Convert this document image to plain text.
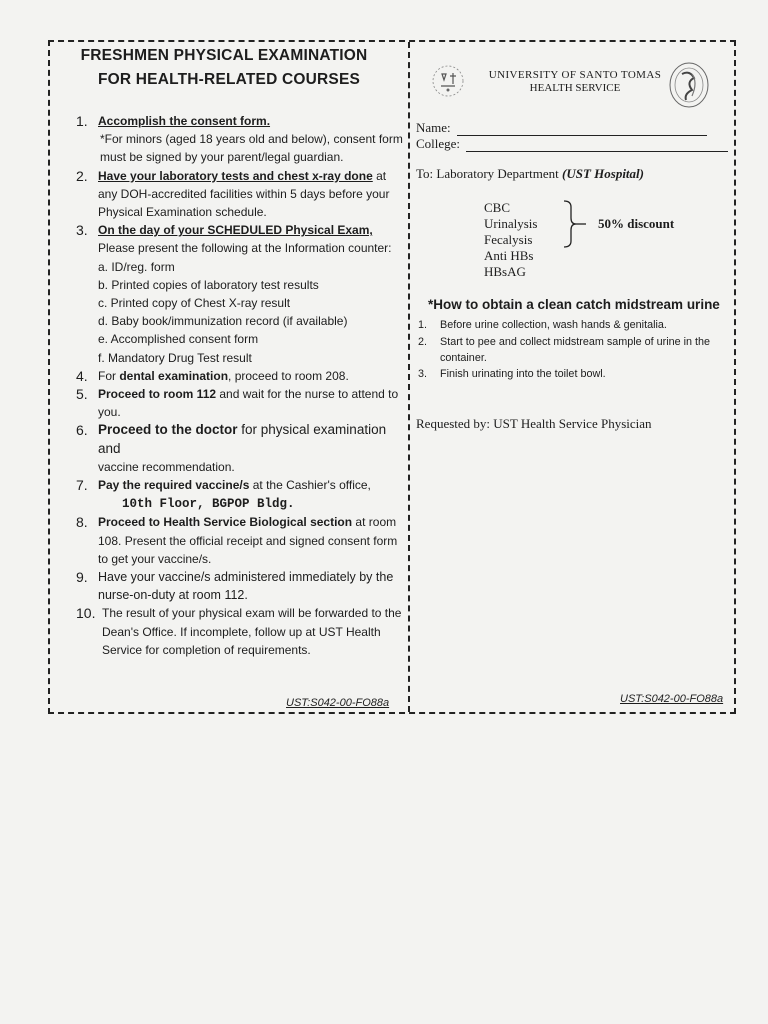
FRESHMEN PHYSICAL EXAMINATION
FOR HEALTH-RELATED COURSES
1. Accomplish the consent form.

*For minors (aged 18 years old and below), consent form must be signed by your parent/legal guardian.
2. Have your laboratory tests and chest x-ray done at any DOH-accredited facilities within 5 days before your Physical Examination schedule.
3. On the day of your SCHEDULED Physical Exam,
Please present the following at the Information counter:
a. ID/reg. form
b. Printed copies of laboratory test results
c. Printed copy of Chest X-ray result
d. Baby book/immunization record (if available)
e. Accomplished consent form
f. Mandatory Drug Test result
4. For dental examination, proceed to room 208.
5. Proceed to room 112 and wait for the nurse to attend to you.
6. Proceed to the doctor for physical examination and
vaccine recommendation.
7. Pay the required vaccine/s at the Cashier's office,
10th Floor, BGPOP Bldg.
8. Proceed to Health Service Biological section at room 108. Present the official receipt and signed consent form to get your vaccine/s.
9. Have your vaccine/s administered immediately by the nurse-on-duty at room 112.
10. The result of your physical exam will be forwarded to the Dean's Office. If incomplete, follow up at UST Health Service for completion of requirements.
UST:S042-00-FO88a
UNIVERSITY OF SANTO TOMAS
HEALTH SERVICE
Name:
College:
To: Laboratory Department (UST Hospital)
CBC
Urinalysis
Fecalysis
Anti HBs
HBsAG
50% discount
*How to obtain a clean catch midstream urine
1.	Before urine collection, wash hands & genitalia.
2.	Start to pee and collect midstream sample of urine in the container.
3.	Finish urinating into the toilet bowl.
Requested by: UST Health Service Physician
UST:S042-00-FO88a
